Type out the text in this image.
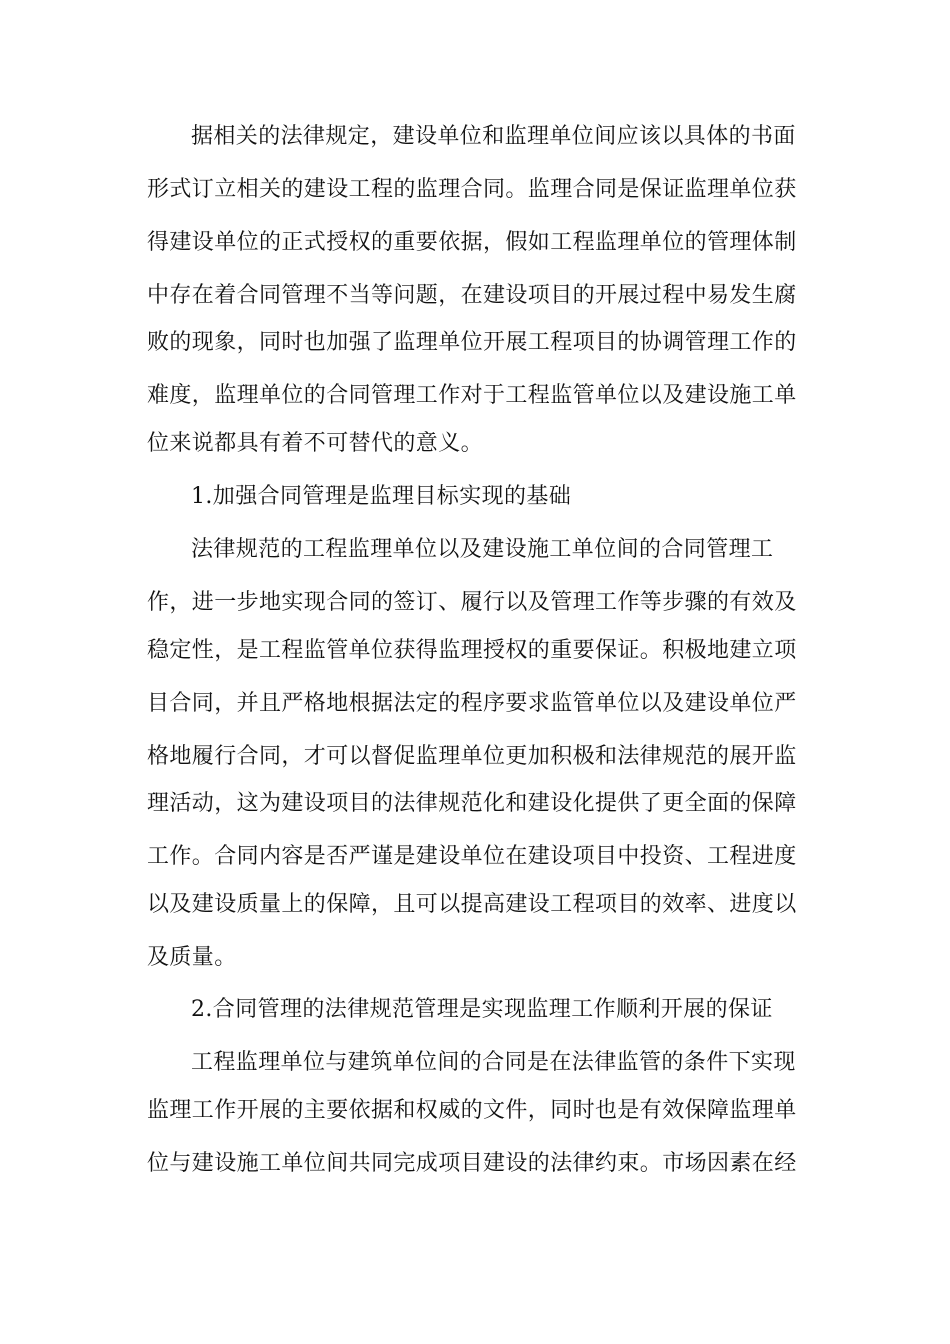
据相关的法律规定，建设单位和监理单位间应该以具体的书面
形式订立相关的建设工程的监理合同。监理合同是保证监理单位获
得建设单位的正式授权的重要依据，假如工程监理单位的管理体制
中存在着合同管理不当等问题，在建设项目的开展过程中易发生腐
败的现象，同时也加强了监理单位开展工程项目的协调管理工作的
难度，监理单位的合同管理工作对于工程监管单位以及建设施工单
位来说都具有着不可替代的意义。
1.加强合同管理是监理目标实现的基础
法律规范的工程监理单位以及建设施工单位间的合同管理工
作，进一步地实现合同的签订、履行以及管理工作等步骤的有效及
稳定性，是工程监管单位获得监理授权的重要保证。积极地建立项
目合同，并且严格地根据法定的程序要求监管单位以及建设单位严
格地履行合同，才可以督促监理单位更加积极和法律规范的展开监
理活动，这为建设项目的法律规范化和建设化提供了更全面的保障
工作。合同内容是否严谨是建设单位在建设项目中投资、工程进度
以及建设质量上的保障，且可以提高建设工程项目的效率、进度以
及质量。
2.合同管理的法律规范管理是实现监理工作顺利开展的保证
工程监理单位与建筑单位间的合同是在法律监管的条件下实现
监理工作开展的主要依据和权威的文件，同时也是有效保障监理单
位与建设施工单位间共同完成项目建设的法律约束。市场因素在经
